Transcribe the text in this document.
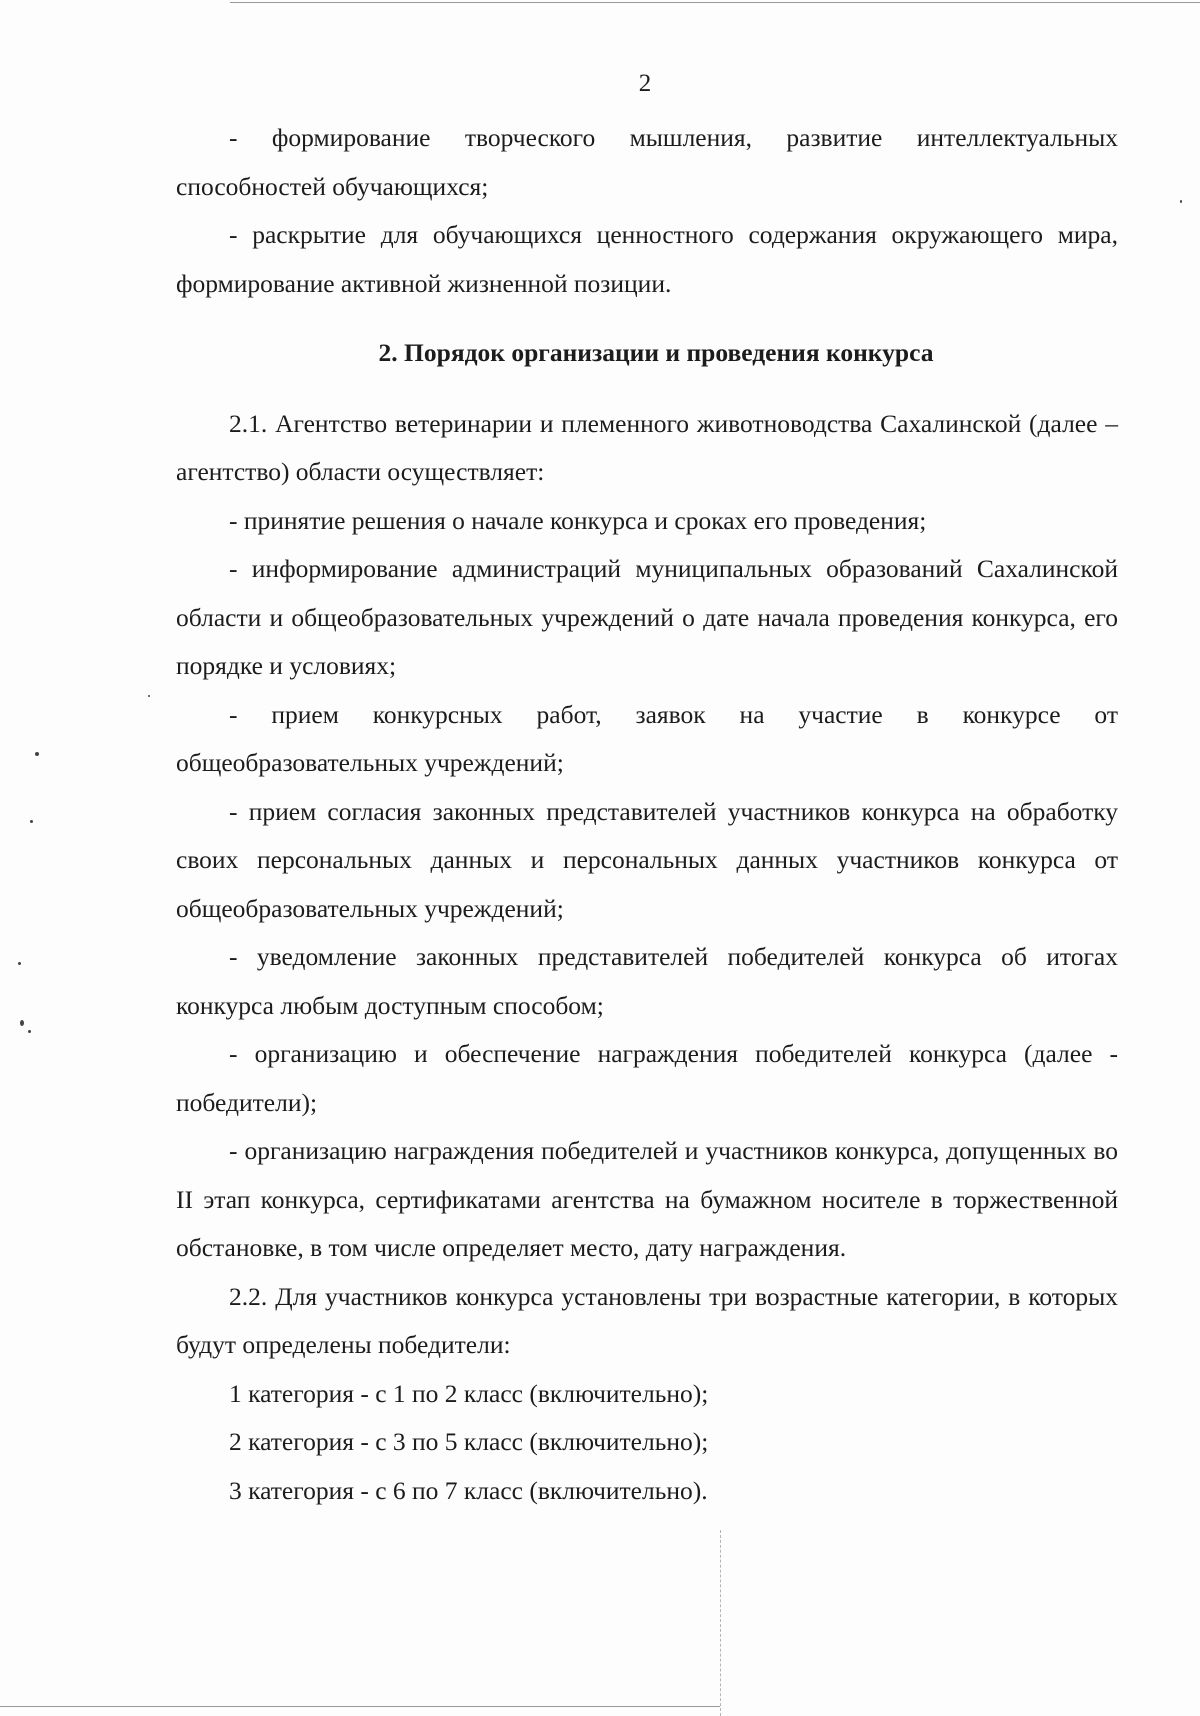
2

- формирование творческого мышления, развитие интеллектуальных способностей обучающихся;

- раскрытие для обучающихся ценностного содержания окружающего мира, формирование активной жизненной позиции.

2. Порядок организации и проведения конкурса

2.1. Агентство ветеринарии и племенного животноводства Сахалинской (далее – агентство) области осуществляет:

- принятие решения о начале конкурса и сроках его проведения;

- информирование администраций муниципальных образований Сахалинской области и общеобразовательных учреждений о дате начала проведения конкурса, его порядке и условиях;

- прием конкурсных работ, заявок на участие в конкурсе от общеобразовательных учреждений;

- прием согласия законных представителей участников конкурса на обработку своих персональных данных и персональных данных участников конкурса от общеобразовательных учреждений;

- уведомление законных представителей победителей конкурса об итогах конкурса любым доступным способом;

- организацию и обеспечение награждения победителей конкурса (далее - победители);

- организацию награждения победителей и участников конкурса, допущенных во II этап конкурса, сертификатами агентства на бумажном носителе в торжественной обстановке, в том числе определяет место, дату награждения.

2.2. Для участников конкурса установлены три возрастные категории, в которых будут определены победители:

1 категория - с 1 по 2 класс (включительно);

2 категория - с 3 по 5 класс (включительно);

3 категория - с 6 по 7 класс (включительно).
